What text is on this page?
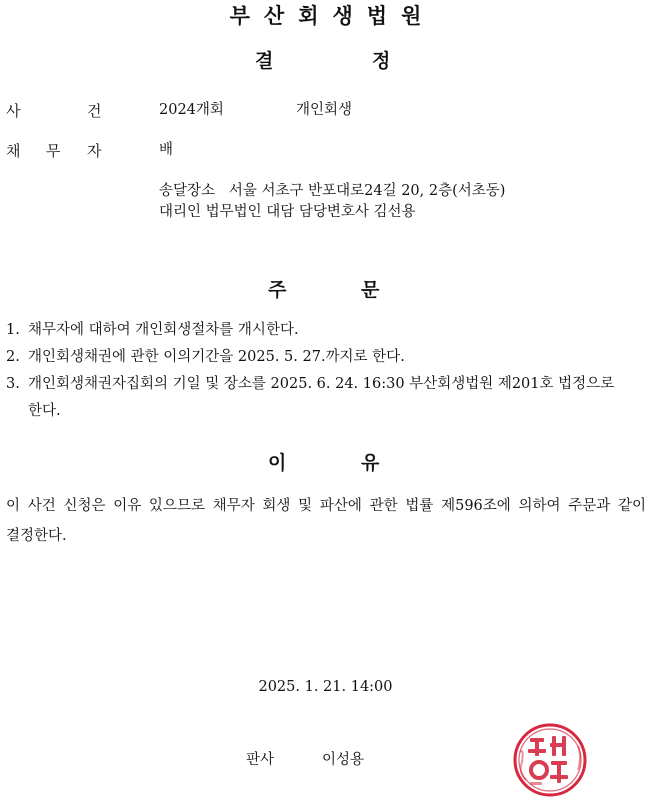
부산회생법원
결	정
사	건	2024개회	개인회생
채 무 자	배
송달장소   서울 서초구 반포대로24길 20, 2층(서초동)
대리인 법무법인 대담 담당변호사 김선용
주	문
1. 채무자에 대하여 개인회생절차를 개시한다.
2. 개인회생채권에 관한 이의기간을 2025. 5. 27.까지로 한다.
3. 개인회생채권자집회의 기일 및 장소를 2025. 6. 24. 16:30 부산회생법원 제201호 법정으로 한다.
이	유
이 사건 신청은 이유 있으므로 채무자 회생 및 파산에 관한 법률 제596조에 의하여 주문과 같이 결정한다.
2025. 1. 21. 14:00
판사	이성용
